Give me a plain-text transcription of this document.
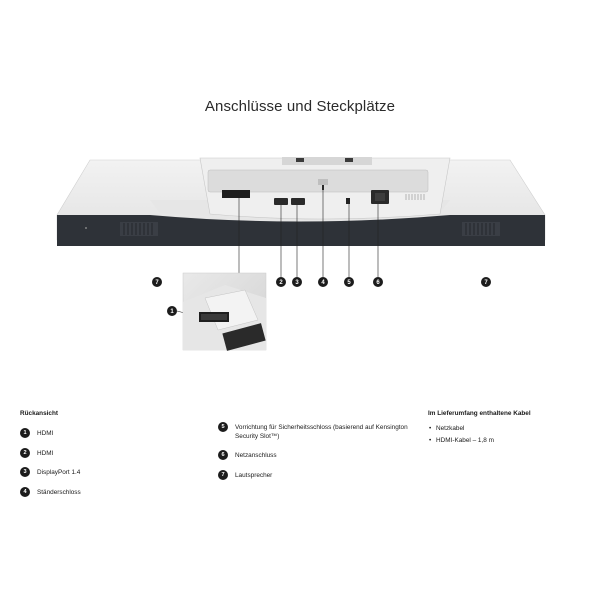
Anschlüsse und Steckplätze
7	2 3	4	5	6	7
1
Rückansicht
1	HDMI
2	HDMI
3	DisplayPort 1.4
4	Ständerschloss
5	Vorrichtung für Sicherheitsschloss (basierend auf Kensington Security Slot™)
6	Netzanschluss
7	Lautsprecher
Im Lieferumfang enthaltene Kabel
• Netzkabel
• HDMI-Kabel – 1,8 m
